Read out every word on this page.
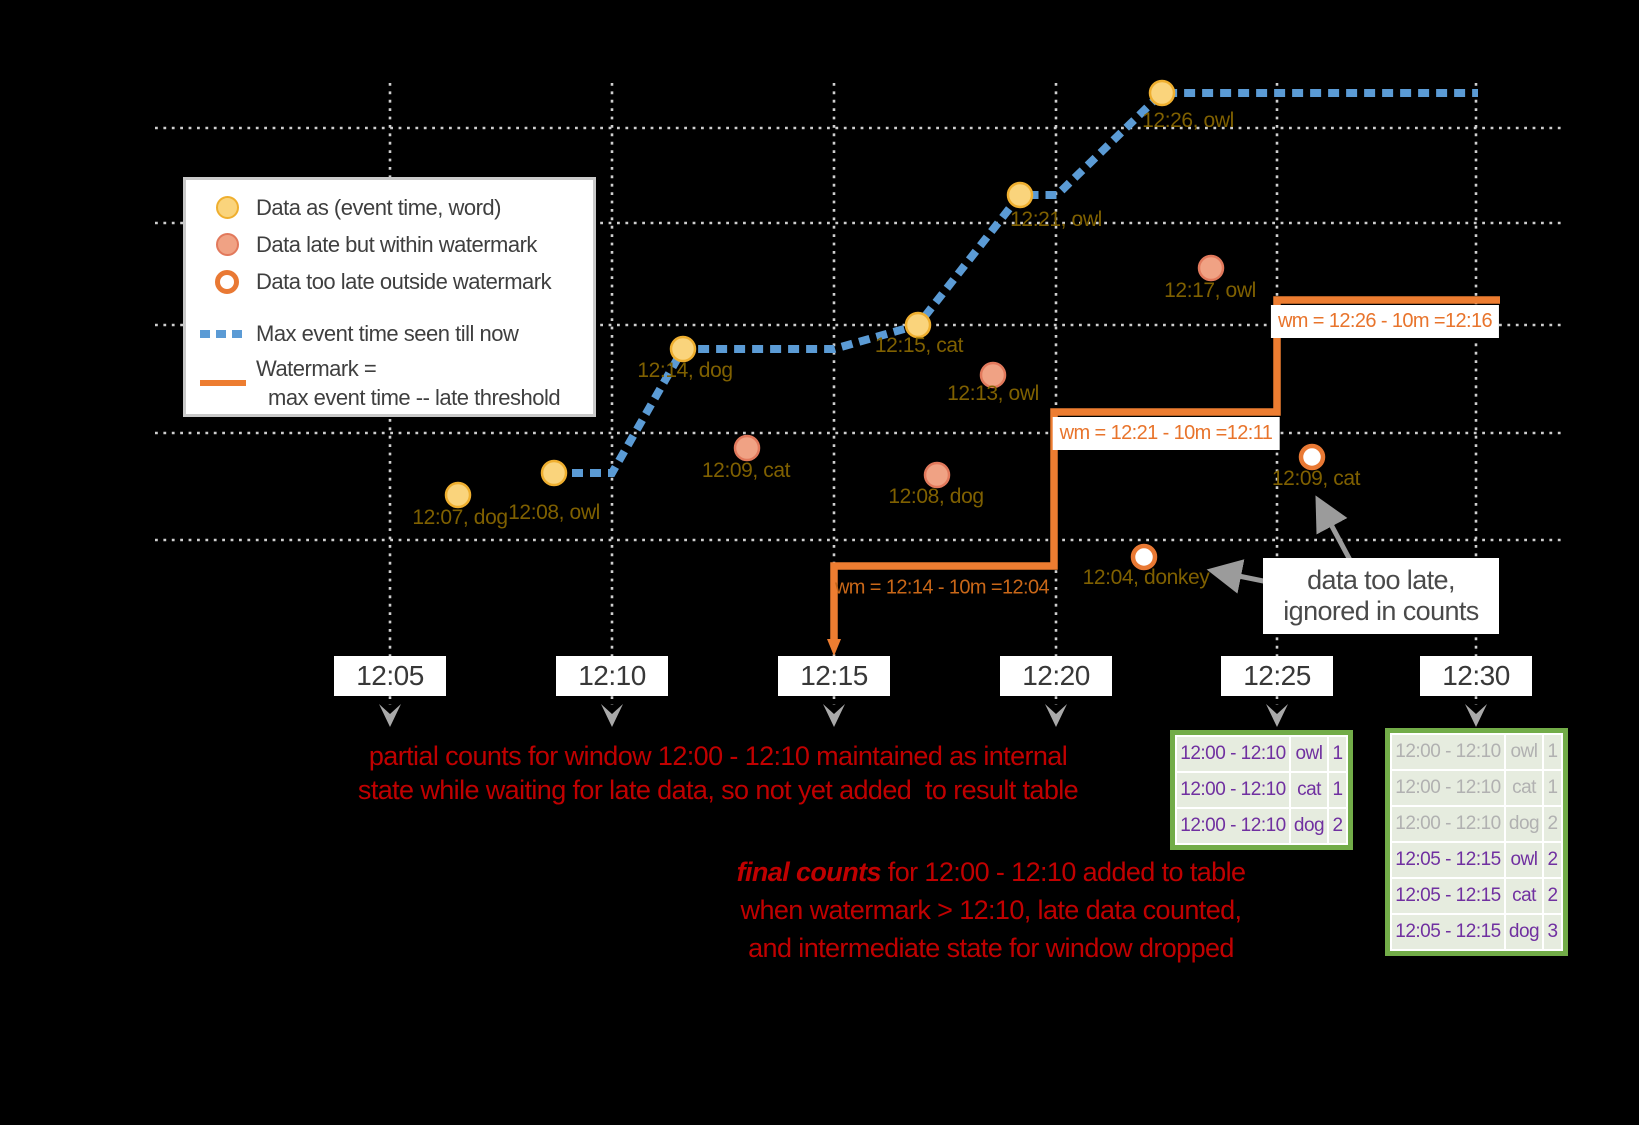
Data as (event time, word)
Data late but within watermark
Data too late outside watermark
Max event time seen till now
Watermark =
max event time -- late threshold
12:07, dog 12:08, owl
12:14, dog
12:15, cat
12:21, owl
12:26, owl
12:09, cat
12:08, dog
12:13, owl
12:17, owl
12:04, donkey
12:09, cat
wm = 12:14 - 10m =12:04
wm = 12:21 - 10m =12:11
wm = 12:26 - 10m =12:16
data too late,
ignored in counts
partial counts for window 12:00 - 12:10 maintained as internal
state while waiting for late data, so not yet added  to result table
final counts for 12:00 - 12:10 added to table
when watermark > 12:10, late data counted,
and intermediate state for window dropped
12:00 - 12:10 owl 1
12:00 - 12:10 cat 1
12:00 - 12:10 dog 2
12:00 - 12:10 owl 1
12:00 - 12:10 cat 1
12:00 - 12:10 dog 2
12:05 - 12:15 owl 2
12:05 - 12:15 cat 2
12:05 - 12:15 dog 3
12:05	12:10	12:15	12:20	12:25	12:30
